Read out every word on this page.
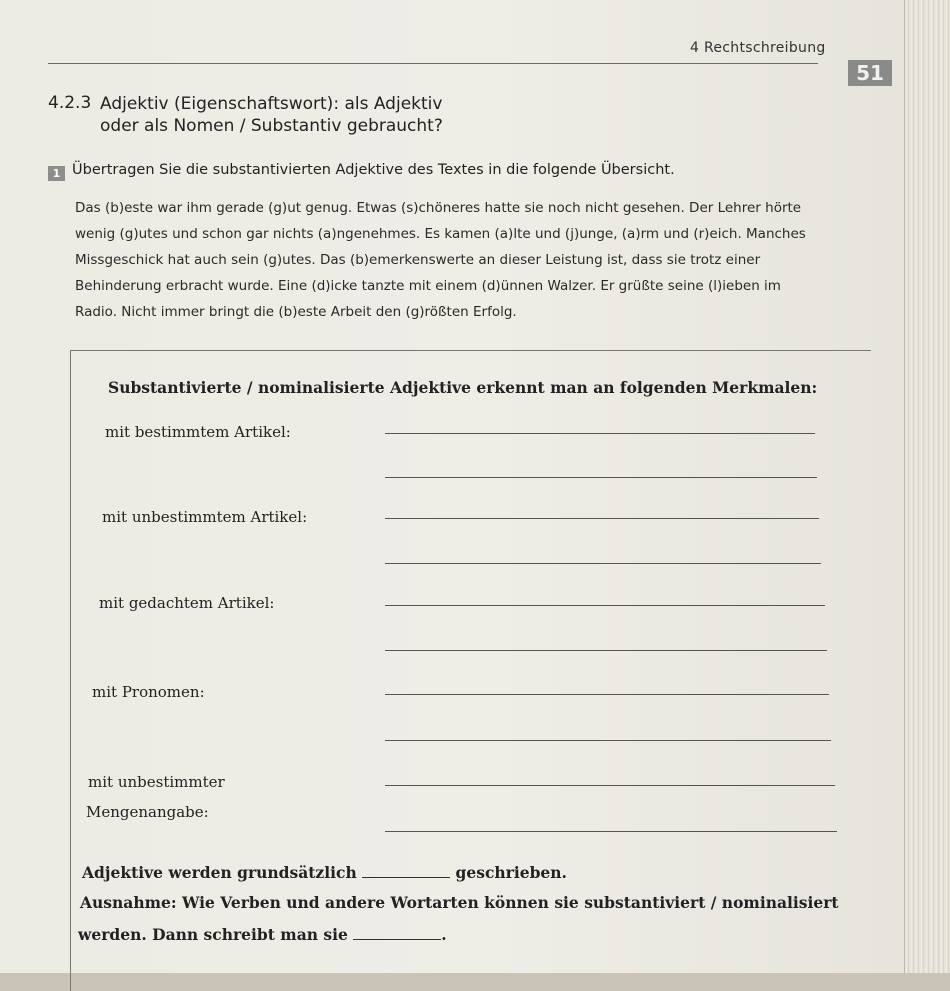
4 Rechtschreibung
51
4.2.3 Adjektiv (Eigenschaftswort): als Adjektiv
oder als Nomen / Substantiv gebraucht?
1 Übertragen Sie die substantivierten Adjektive des Textes in die folgende Übersicht.
Das (b)este war ihm gerade (g)ut genug. Etwas (s)chöneres hatte sie noch nicht gesehen. Der Lehrer hörte
wenig (g)utes und schon gar nichts (a)ngenehmes. Es kamen (a)lte und (j)unge, (a)rm und (r)eich. Manches
Missgeschick hat auch sein (g)utes. Das (b)emerkenswerte an dieser Leistung ist, dass sie trotz einer
Behinderung erbracht wurde. Eine (d)icke tanzte mit einem (d)ünnen Walzer. Er grüßte seine (l)ieben im
Radio. Nicht immer bringt die (b)este Arbeit den (g)rößten Erfolg.
Substantivierte / nominalisierte Adjektive erkennt man an folgenden Merkmalen:
mit bestimmtem Artikel:
mit unbestimmtem Artikel:
mit gedachtem Artikel:
mit Pronomen:
mit unbestimmter
Mengenangabe:
Adjektive werden grundsätzlich	geschrieben.
Ausnahme: Wie Verben und andere Wortarten können sie substantiviert / nominalisiert
werden. Dann schreibt man sie	.
